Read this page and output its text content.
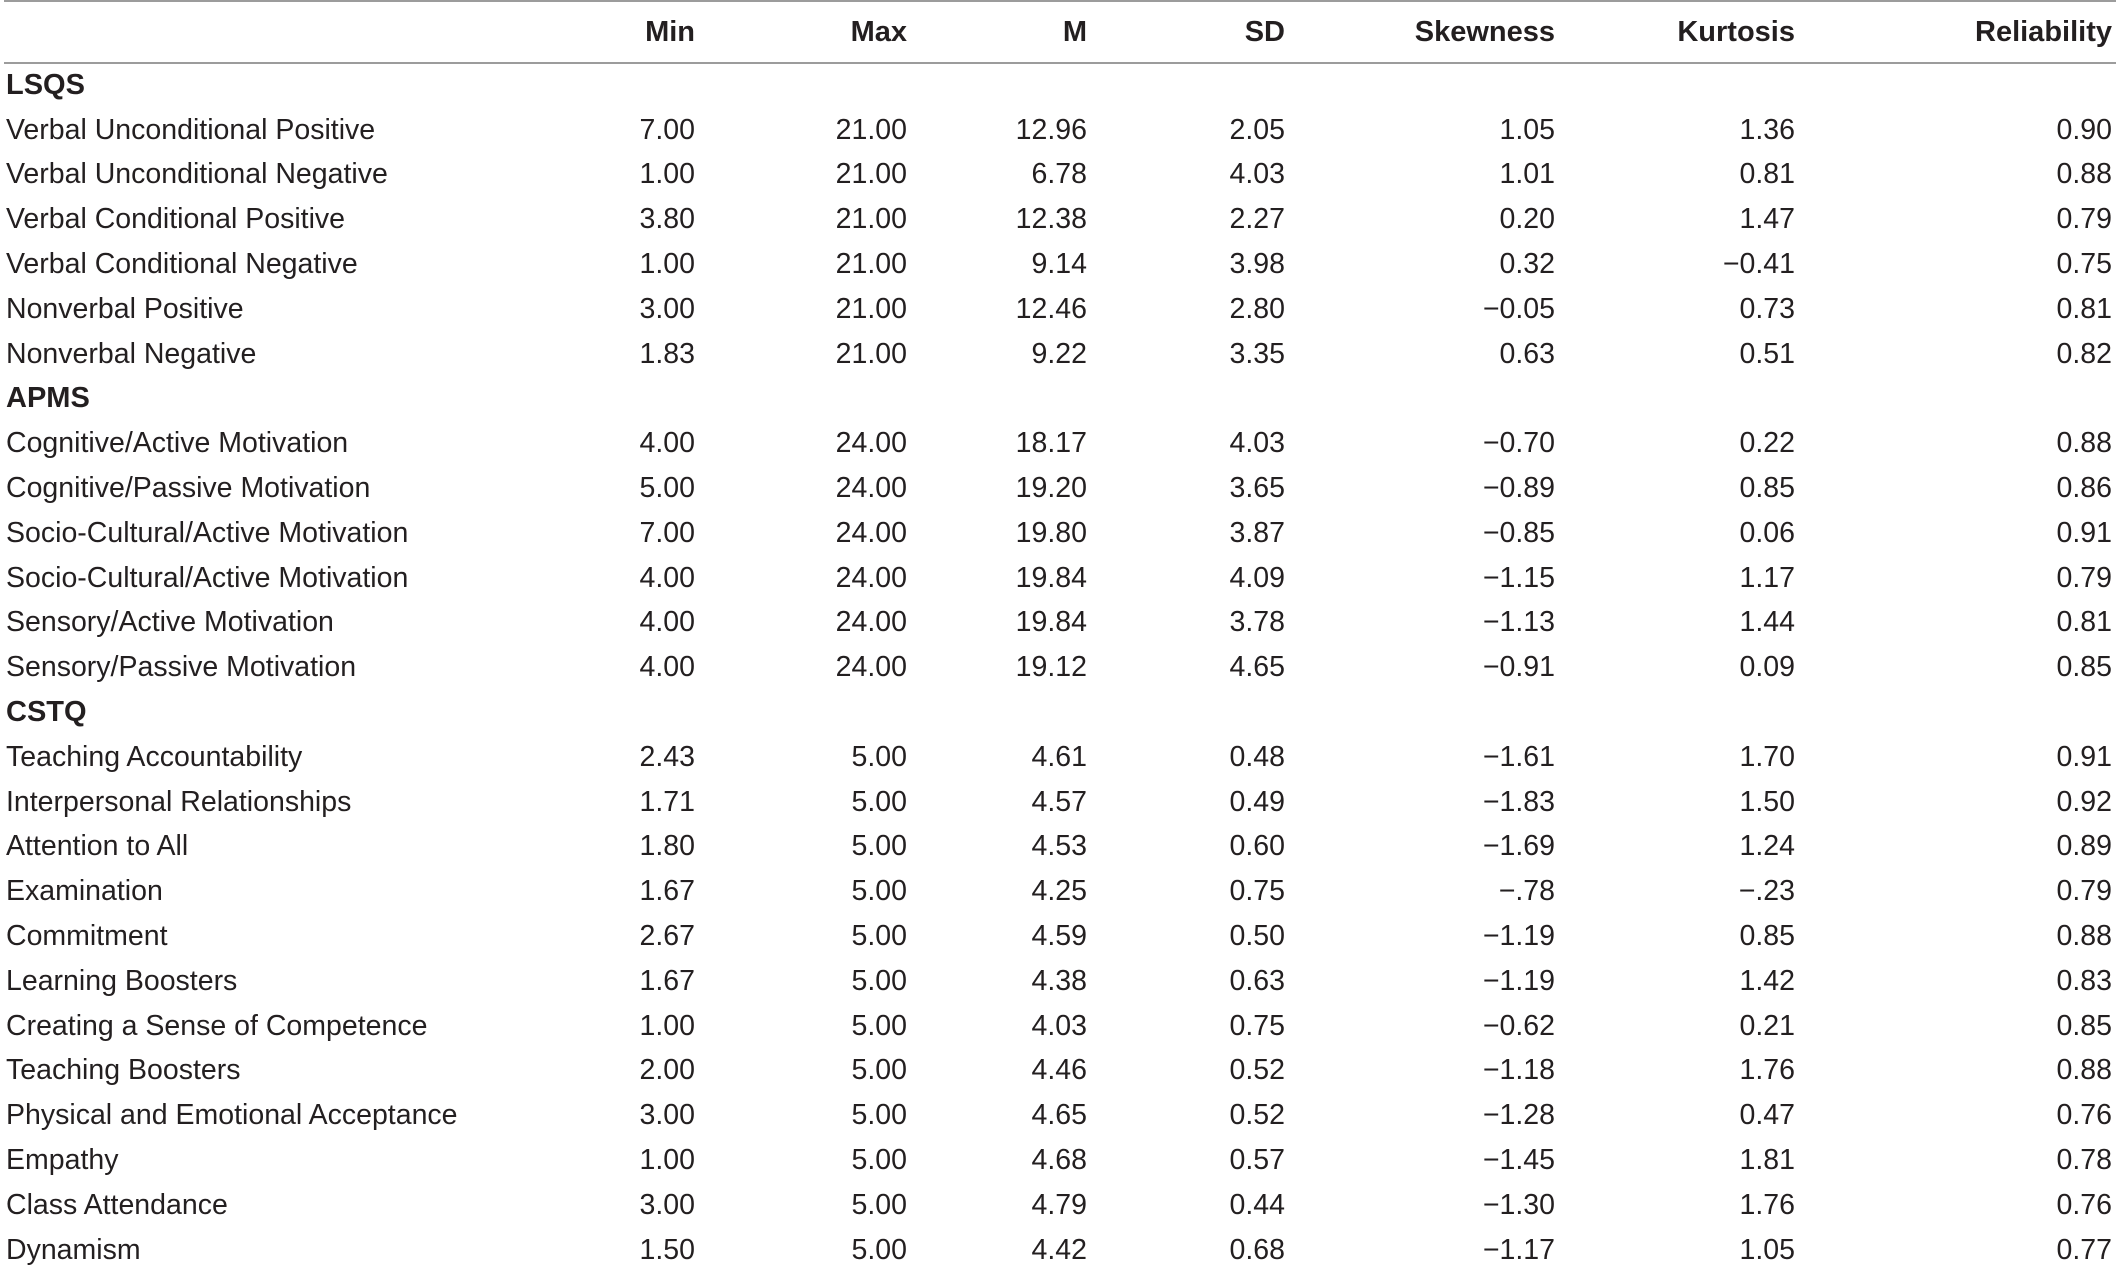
	Min	Max	M	SD	Skewness	Kurtosis	Reliability
LSQS							
Verbal Unconditional Positive	7.00	21.00	12.96	2.05	1.05	1.36	0.90
Verbal Unconditional Negative	1.00	21.00	6.78	4.03	1.01	0.81	0.88
Verbal Conditional Positive	3.80	21.00	12.38	2.27	0.20	1.47	0.79
Verbal Conditional Negative	1.00	21.00	9.14	3.98	0.32	−0.41	0.75
Nonverbal Positive	3.00	21.00	12.46	2.80	−0.05	0.73	0.81
Nonverbal Negative	1.83	21.00	9.22	3.35	0.63	0.51	0.82
APMS							
Cognitive/Active Motivation	4.00	24.00	18.17	4.03	−0.70	0.22	0.88
Cognitive/Passive Motivation	5.00	24.00	19.20	3.65	−0.89	0.85	0.86
Socio-Cultural/Active Motivation	7.00	24.00	19.80	3.87	−0.85	0.06	0.91
Socio-Cultural/Active Motivation	4.00	24.00	19.84	4.09	−1.15	1.17	0.79
Sensory/Active Motivation	4.00	24.00	19.84	3.78	−1.13	1.44	0.81
Sensory/Passive Motivation	4.00	24.00	19.12	4.65	−0.91	0.09	0.85
CSTQ							
Teaching Accountability	2.43	5.00	4.61	0.48	−1.61	1.70	0.91
Interpersonal Relationships	1.71	5.00	4.57	0.49	−1.83	1.50	0.92
Attention to All	1.80	5.00	4.53	0.60	−1.69	1.24	0.89
Examination	1.67	5.00	4.25	0.75	−.78	−.23	0.79
Commitment	2.67	5.00	4.59	0.50	−1.19	0.85	0.88
Learning Boosters	1.67	5.00	4.38	0.63	−1.19	1.42	0.83
Creating a Sense of Competence	1.00	5.00	4.03	0.75	−0.62	0.21	0.85
Teaching Boosters	2.00	5.00	4.46	0.52	−1.18	1.76	0.88
Physical and Emotional Acceptance	3.00	5.00	4.65	0.52	−1.28	0.47	0.76
Empathy	1.00	5.00	4.68	0.57	−1.45	1.81	0.78
Class Attendance	3.00	5.00	4.79	0.44	−1.30	1.76	0.76
Dynamism	1.50	5.00	4.42	0.68	−1.17	1.05	0.77
